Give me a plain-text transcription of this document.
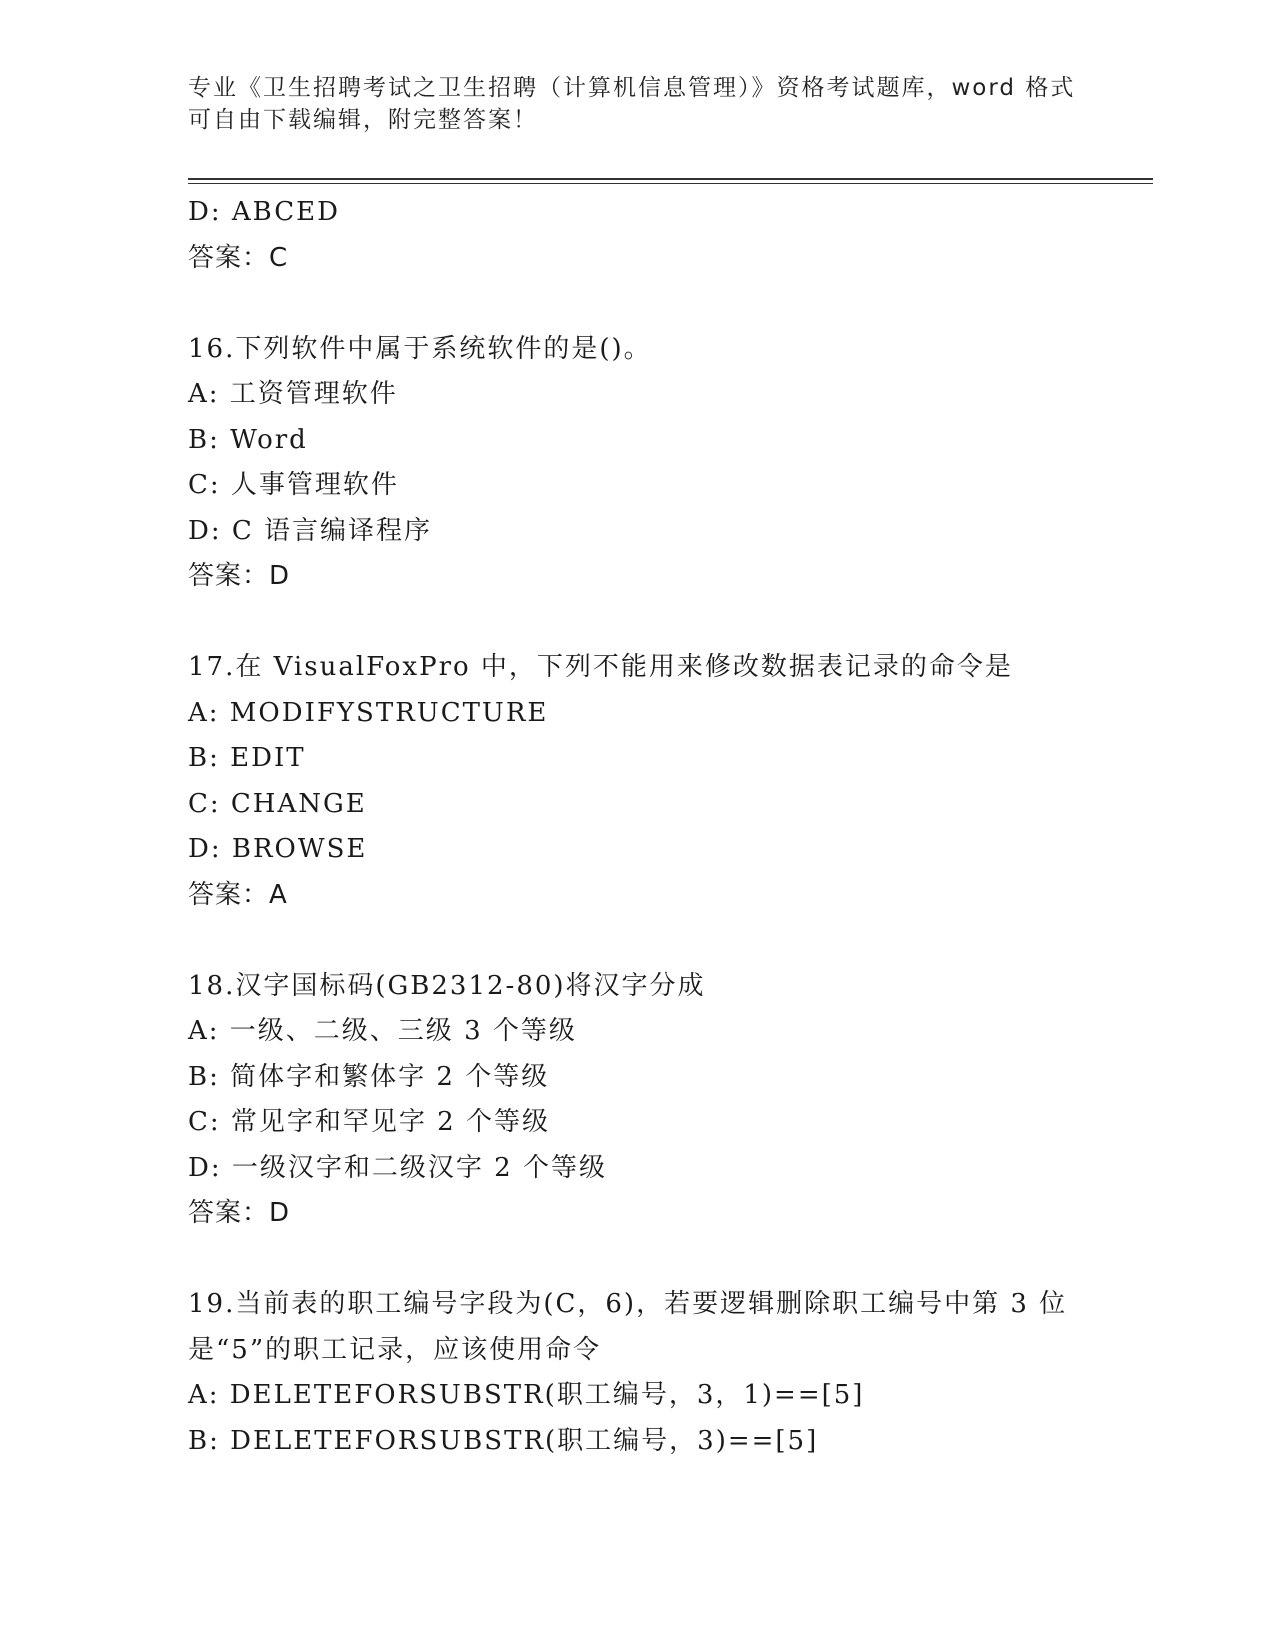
专业《卫生招聘考试之卫生招聘（计算机信息管理）》资格考试题库，word 格式
可自由下载编辑，附完整答案！
D: ABCED
答案：C
16.下列软件中属于系统软件的是()。
A: 工资管理软件
B: Word
C: 人事管理软件
D: C 语言编译程序
答案：D
17.在 VisualFoxPro 中，下列不能用来修改数据表记录的命令是
A: MODIFYSTRUCTURE
B: EDIT
C: CHANGE
D: BROWSE
答案：A
18.汉字国标码(GB2312-80)将汉字分成
A: 一级、二级、三级 3 个等级
B: 简体字和繁体字 2 个等级
C: 常见字和罕见字 2 个等级
D: 一级汉字和二级汉字 2 个等级
答案：D
19.当前表的职工编号字段为(C，6)，若要逻辑删除职工编号中第 3 位
是“5”的职工记录，应该使用命令
A: DELETEFORSUBSTR(职工编号，3，1)==[5]
B: DELETEFORSUBSTR(职工编号，3)==[5]
